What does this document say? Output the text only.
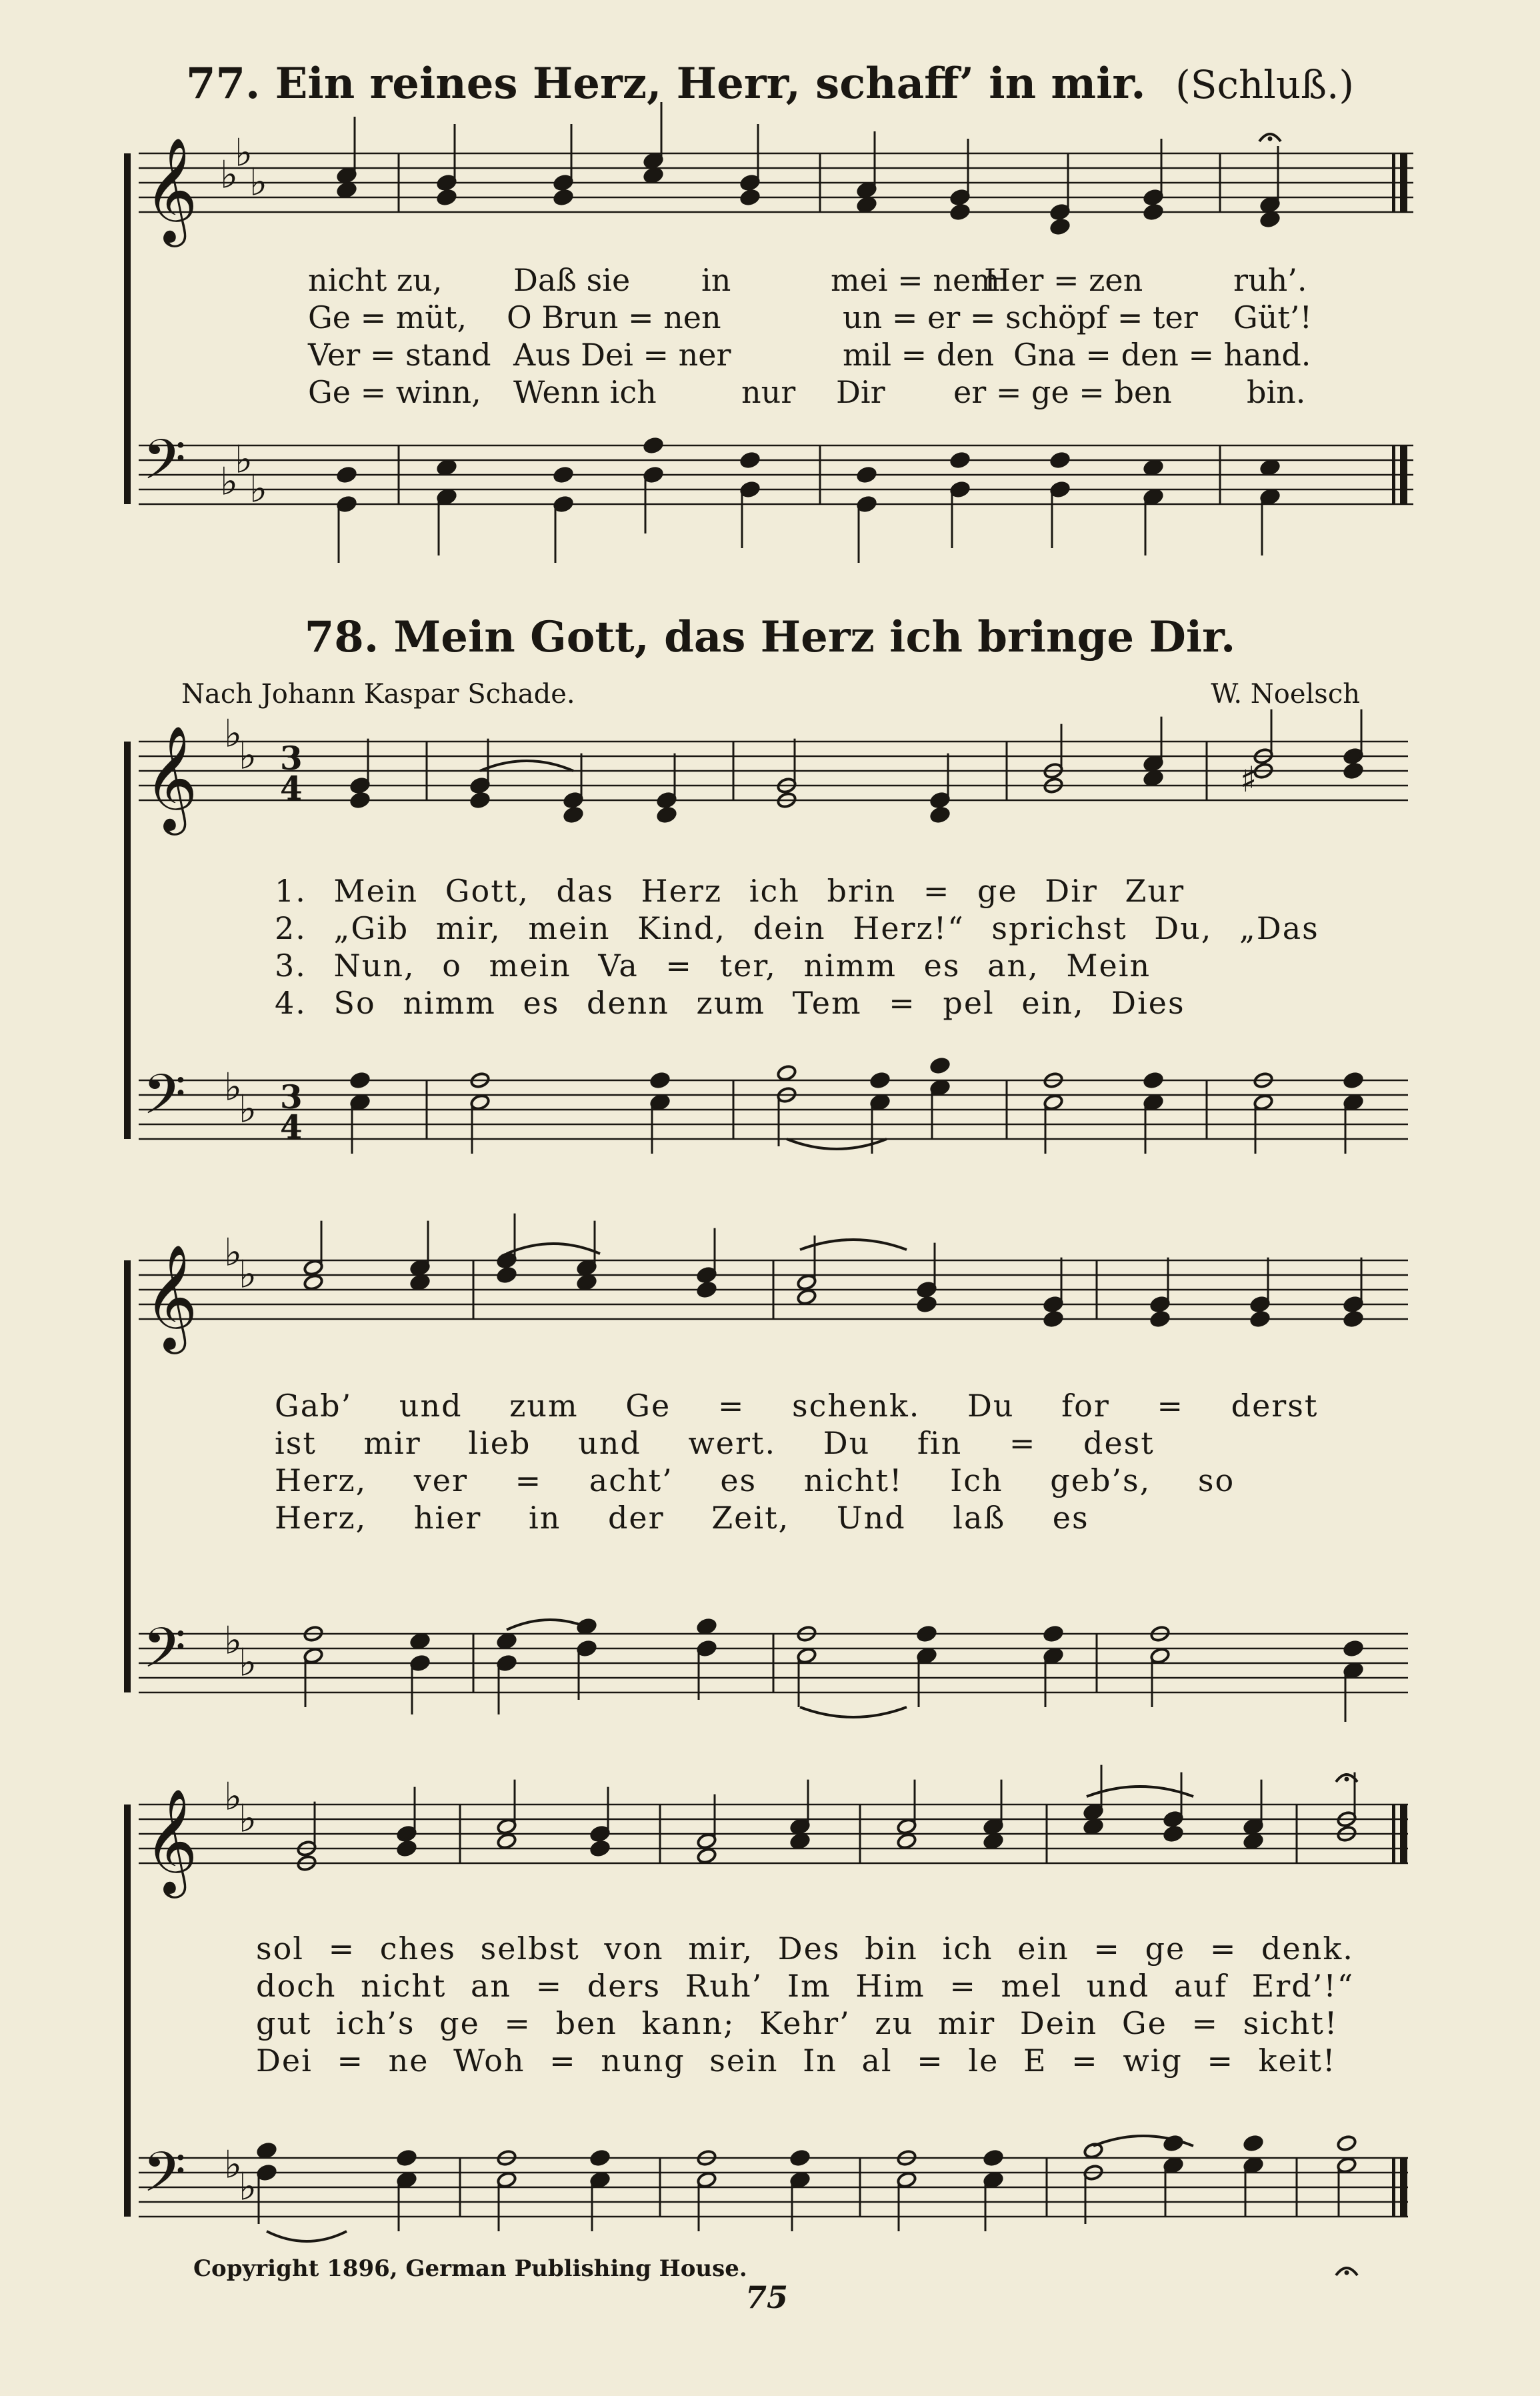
77. Ein reines Herz, Herr, schaff’ in mir. (Schluß.)
78. Mein Gott, das Herz ich bringe Dir.
Nach Johann Kaspar Schade.	W. Noelsch
𝄞
𝄢
♭
♭
♭
♭
♭
♭
𝄞
𝄢
♭
♭
♭
♭
3
4
3
4
♯
𝄞
𝄢
♭
♭
♭
♭
𝄞
𝄢
♭
♭
♭
♭
nicht zu, Daß sie in	mei = nem
Her = zen	ruh’.
Ge = müt, O Brun = nen	un = er = schöpf = ter Güt’!
Ver = stand Aus Dei = ner	mil = den Gna = den = hand.
Ge = winn, Wenn ich	nur Dir er = ge = ben bin.
1. Mein Gott, das Herz ich brin = ge Dir Zur
2. „Gib mir, mein Kind, dein Herz!“ sprichst Du, „Das
3. Nun, o mein Va = ter, nimm es an, Mein
4. So nimm es denn zum Tem = pel ein, Dies
Gab’ und zum Ge = schenk. Du for = derst
ist mir lieb und wert. Du fin = dest
Herz, ver = acht’ es nicht! Ich geb’s, so
Herz, hier in der Zeit, Und laß es
sol = ches selbst von mir, Des bin ich ein = ge = denk.
doch nicht an = ders Ruh’ Im Him = mel und auf Erd’!“
gut ich’s ge = ben kann; Kehr’ zu mir Dein Ge = sicht!
Dei = ne Woh = nung sein In al = le E = wig = keit!
Copyright 1896, German Publishing House.
75
